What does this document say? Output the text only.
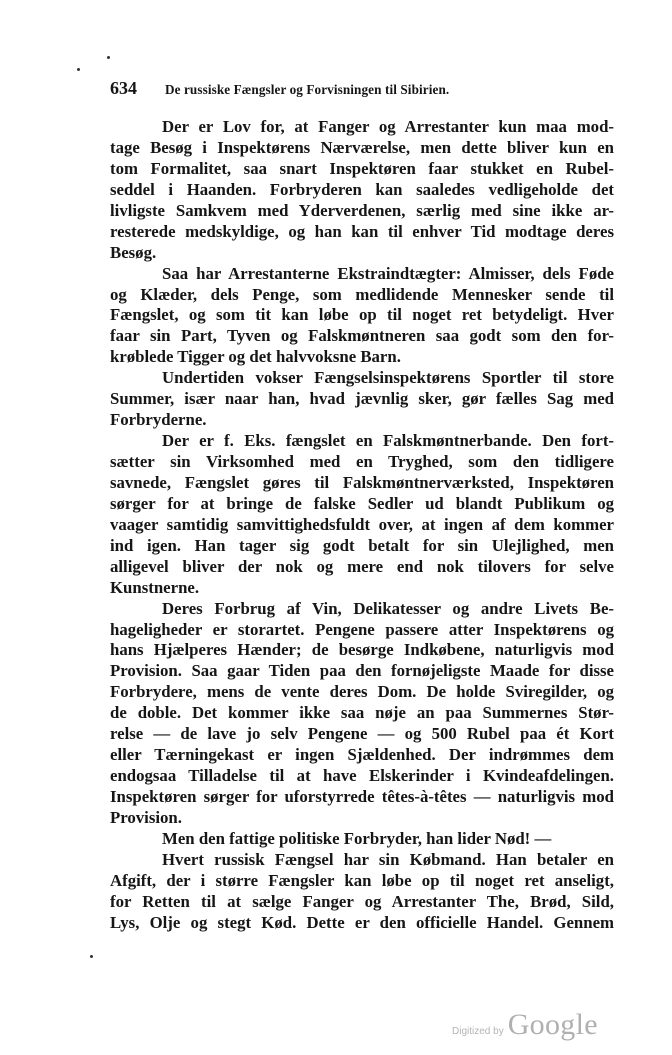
634 De russiske Fængsler og Forvisningen til Sibirien.
Der er Lov for, at Fanger og Arrestanter kun maa mod-
tage Besøg i Inspektørens Nærværelse, men dette bliver kun en
tom Formalitet, saa snart Inspektøren faar stukket en Rubel-
seddel i Haanden. Forbryderen kan saaledes vedligeholde det
livligste Samkvem med Yderverdenen, særlig med sine ikke ar-
resterede medskyldige, og han kan til enhver Tid modtage deres
Besøg.
Saa har Arrestanterne Ekstraindtægter: Almisser, dels Føde
og Klæder, dels Penge, som medlidende Mennesker sende til
Fængslet, og som tit kan løbe op til noget ret betydeligt. Hver
faar sin Part, Tyven og Falskmøntneren saa godt som den for-
krøblede Tigger og det halvvoksne Barn.
Undertiden vokser Fængselsinspektørens Sportler til store
Summer, især naar han, hvad jævnlig sker, gør fælles Sag med
Forbryderne.
Der er f. Eks. fængslet en Falskmøntnerbande. Den fort-
sætter sin Virksomhed med en Tryghed, som den tidligere
savnede, Fængslet gøres til Falskmøntnerværksted, Inspektøren
sørger for at bringe de falske Sedler ud blandt Publikum og
vaager samtidig samvittighedsfuldt over, at ingen af dem kommer
ind igen. Han tager sig godt betalt for sin Ulejlighed, men
alligevel bliver der nok og mere end nok tilovers for selve
Kunstnerne.
Deres Forbrug af Vin, Delikatesser og andre Livets Be-
hageligheder er storartet. Pengene passere atter Inspektørens og
hans Hjælperes Hænder; de besørge Indkøbene, naturligvis mod
Provision. Saa gaar Tiden paa den fornøjeligste Maade for disse
Forbrydere, mens de vente deres Dom. De holde Sviregilder, og
de doble. Det kommer ikke saa nøje an paa Summernes Stør-
relse — de lave jo selv Pengene — og 500 Rubel paa ét Kort
eller Tærningekast er ingen Sjældenhed. Der indrømmes dem
endogsaa Tilladelse til at have Elskerinder i Kvindeafdelingen.
Inspektøren sørger for uforstyrrede têtes-à-têtes — naturligvis mod
Provision.
Men den fattige politiske Forbryder, han lider Nød! —
Hvert russisk Fængsel har sin Købmand. Han betaler en
Afgift, der i større Fængsler kan løbe op til noget ret anseligt,
for Retten til at sælge Fanger og Arrestanter The, Brød, Sild,
Lys, Olje og stegt Kød. Dette er den officielle Handel. Gennem
Digitized by Google
